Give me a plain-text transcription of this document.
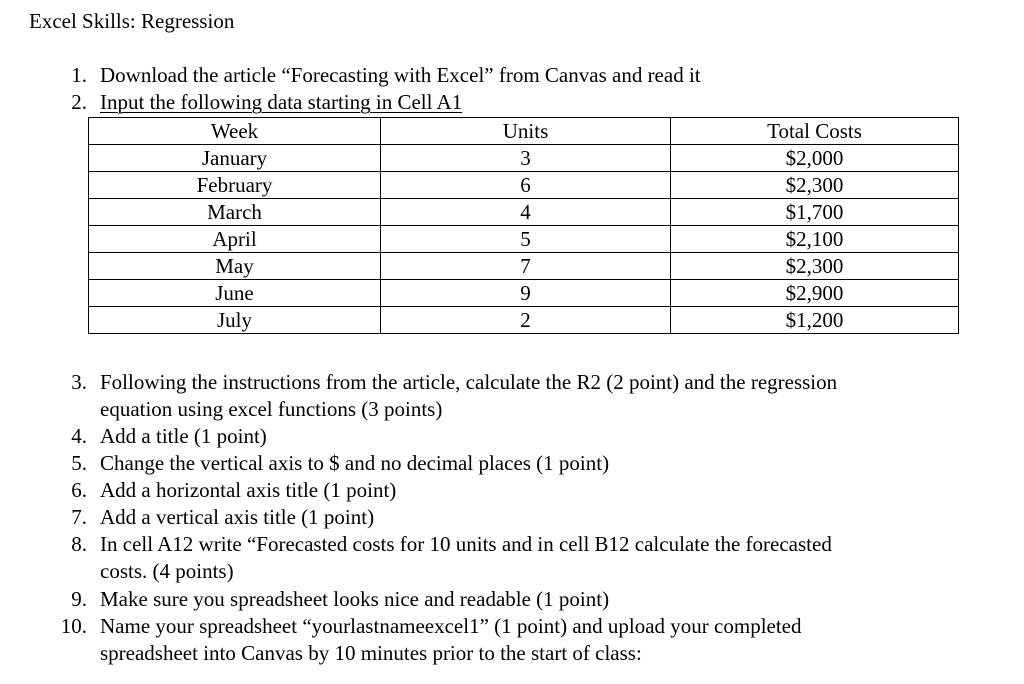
Excel Skills: Regression
1. Download the article “Forecasting with Excel” from Canvas and read it
2. Input the following data starting in Cell A1
Week	Units	Total Costs
January	3	$2,000
February	6	$2,300
March	4	$1,700
April	5	$2,100
May	7	$2,300
June	9	$2,900
July	2	$1,200
3. Following the instructions from the article, calculate the R2 (2 point) and the regression
equation using excel functions (3 points)
4. Add a title (1 point)
5. Change the vertical axis to $ and no decimal places (1 point)
6. Add a horizontal axis title (1 point)
7. Add a vertical axis title (1 point)
8. In cell A12 write “Forecasted costs for 10 units and in cell B12 calculate the forecasted
costs. (4 points)
9. Make sure you spreadsheet looks nice and readable (1 point)
10. Name your spreadsheet “yourlastnameexcel1” (1 point) and upload your completed
spreadsheet into Canvas by 10 minutes prior to the start of class:
